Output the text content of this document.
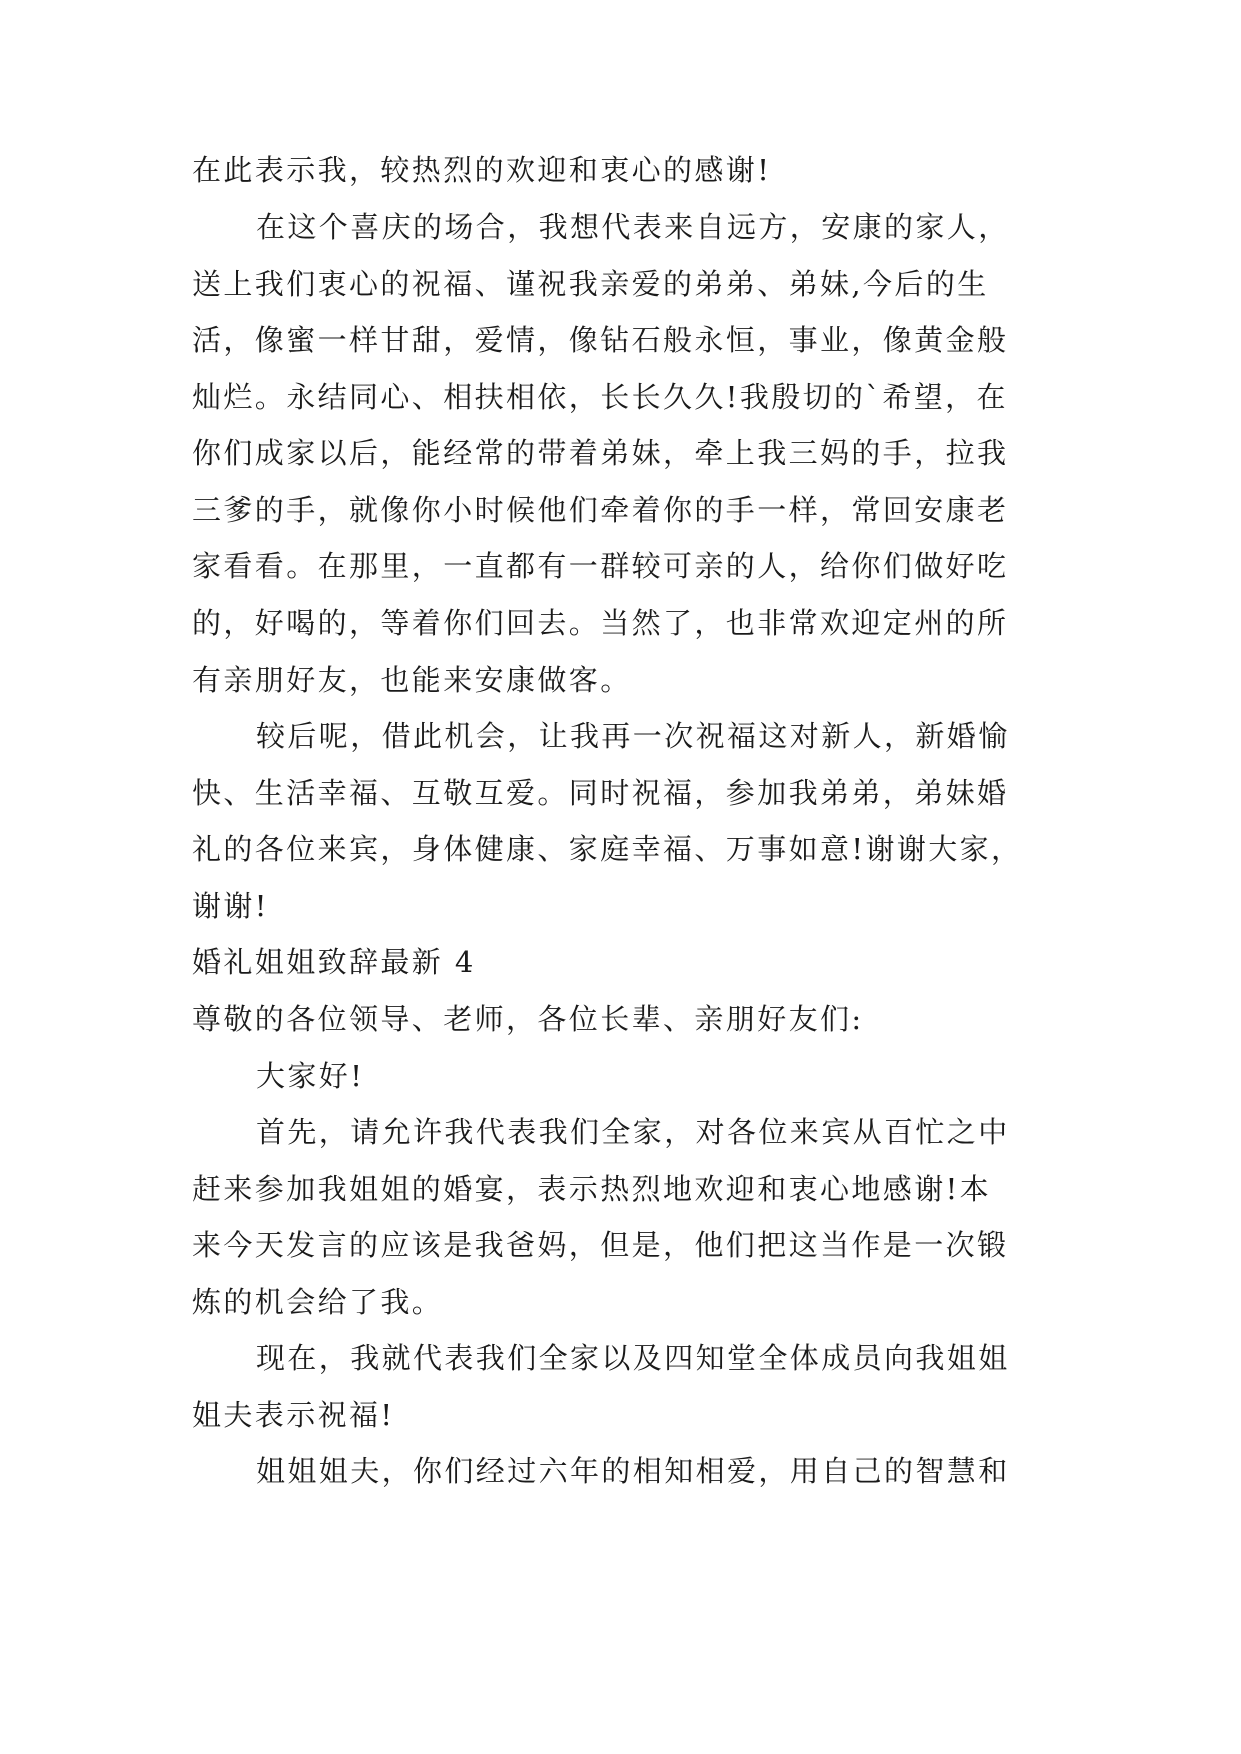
在此表示我，较热烈的欢迎和衷心的感谢!
在这个喜庆的场合，我想代表来自远方，安康的家人，
送上我们衷心的祝福、谨祝我亲爱的弟弟、弟妹,今后的生
活，像蜜一样甘甜，爱情，像钻石般永恒，事业，像黄金般
灿烂。永结同心、相扶相依，长长久久!我殷切的`希望，在
你们成家以后，能经常的带着弟妹，牵上我三妈的手，拉我
三爹的手，就像你小时候他们牵着你的手一样，常回安康老
家看看。在那里，一直都有一群较可亲的人，给你们做好吃
的，好喝的，等着你们回去。当然了，也非常欢迎定州的所
有亲朋好友，也能来安康做客。
较后呢，借此机会，让我再一次祝福这对新人，新婚愉
快、生活幸福、互敬互爱。同时祝福，参加我弟弟，弟妹婚
礼的各位来宾，身体健康、家庭幸福、万事如意!谢谢大家，
谢谢!
婚礼姐姐致辞最新 4
尊敬的各位领导、老师，各位长辈、亲朋好友们:
大家好!
首先，请允许我代表我们全家，对各位来宾从百忙之中
赶来参加我姐姐的婚宴，表示热烈地欢迎和衷心地感谢!本
来今天发言的应该是我爸妈，但是，他们把这当作是一次锻
炼的机会给了我。
现在，我就代表我们全家以及四知堂全体成员向我姐姐
姐夫表示祝福!
姐姐姐夫，你们经过六年的相知相爱，用自己的智慧和
